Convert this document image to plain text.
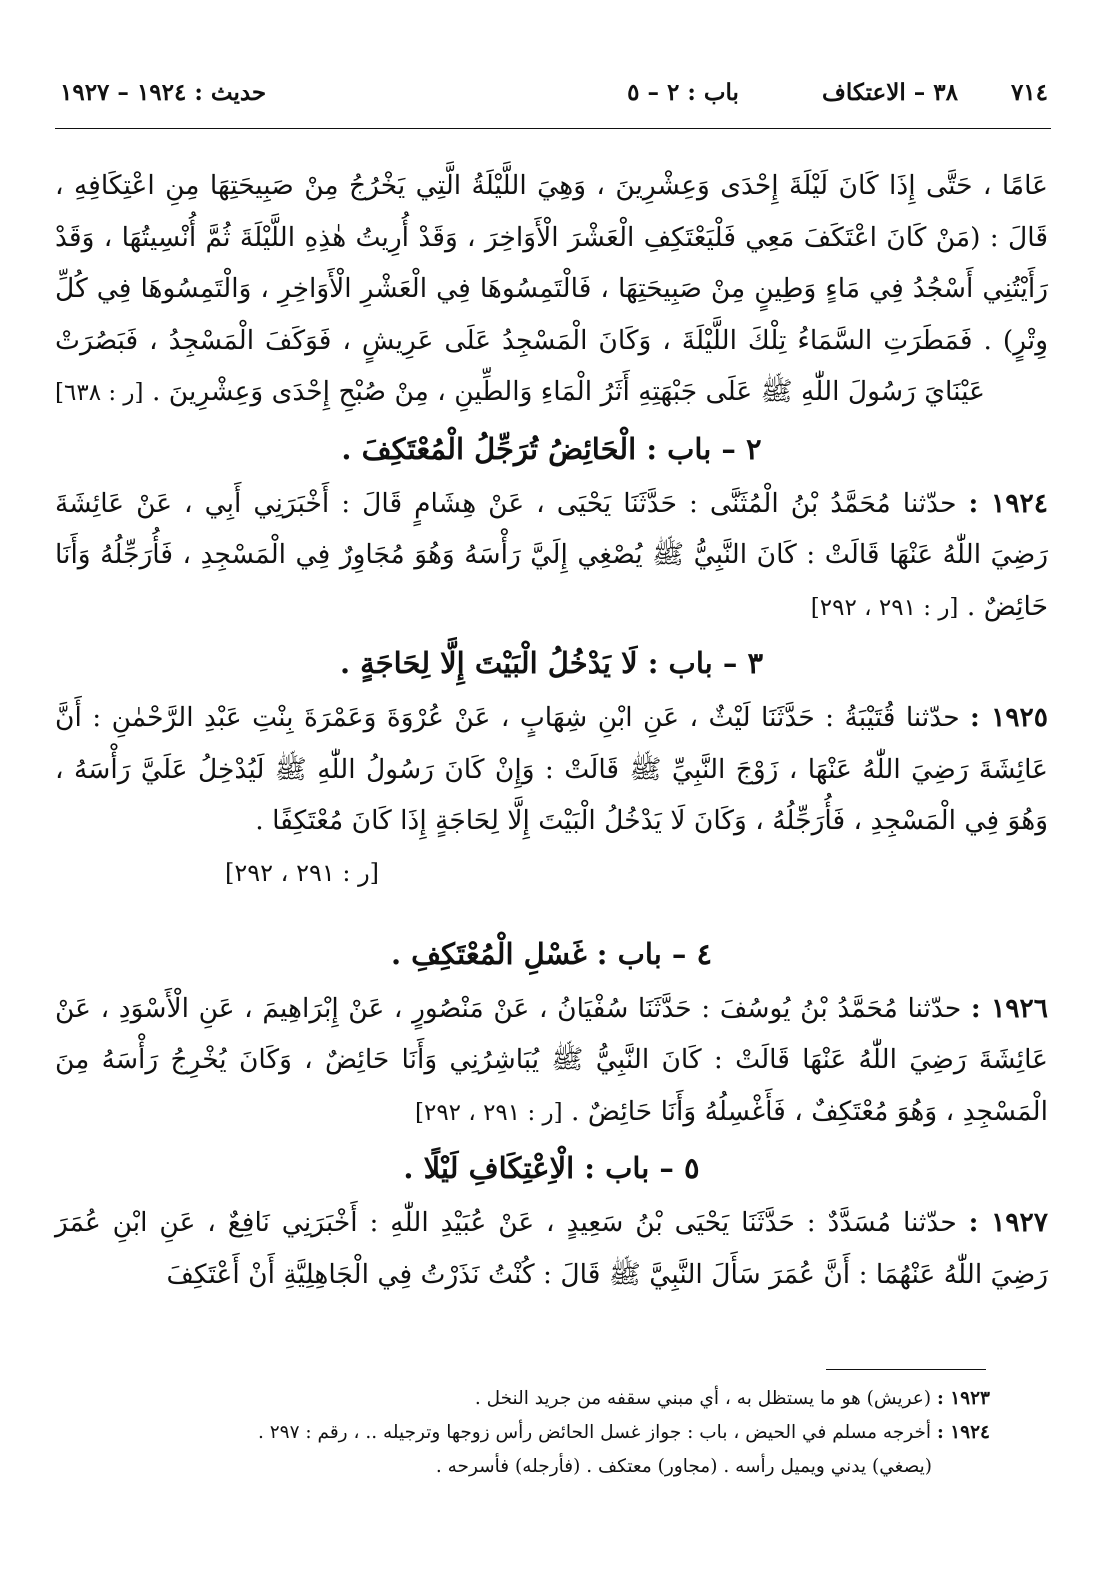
٧١٤
٣٨ – الاعتكاف
باب : ٢ – ٥
حديث : ١٩٢٤ – ١٩٢٧

عَامًا ، حَتَّى إِذَا كَانَ لَيْلَةَ إِحْدَى وَعِشْرِينَ ، وَهِيَ اللَّيْلَةُ الَّتِي يَخْرُجُ مِنْ صَبِيحَتِهَا مِنِ اعْتِكَافِهِ ، قَالَ : (مَنْ كَانَ اعْتَكَفَ مَعِي فَلْيَعْتَكِفِ الْعَشْرَ الْأَوَاخِرَ ، وَقَدْ أُرِيتُ هٰذِهِ اللَّيْلَةَ ثُمَّ أُنْسِيتُهَا ، وَقَدْ رَأَيْتُنِي أَسْجُدُ فِي مَاءٍ وَطِينٍ مِنْ صَبِيحَتِهَا ، فَالْتَمِسُوهَا فِي الْعَشْرِ الْأَوَاخِرِ ، وَالْتَمِسُوهَا فِي كُلِّ وِتْرٍ) . فَمَطَرَتِ السَّمَاءُ تِلْكَ اللَّيْلَةَ ، وَكَانَ الْمَسْجِدُ عَلَى عَرِيشٍ ، فَوَكَفَ الْمَسْجِدُ ، فَبَصُرَتْ عَيْنَايَ رَسُولَ اللّٰهِ ﷺ عَلَى جَبْهَتِهِ أَثَرُ الْمَاءِ وَالطِّينِ ، مِنْ صُبْحِ إِحْدَى وَعِشْرِينَ . [ر : ٦٣٨]

٢ – باب : الْحَائِضُ تُرَجِّلُ الْمُعْتَكِفَ .

١٩٢٤ : حدّثنا مُحَمَّدُ بْنُ الْمُثَنَّى : حَدَّثَنَا يَحْيَى ، عَنْ هِشَامٍ قَالَ : أَخْبَرَنِي أَبِي ، عَنْ عَائِشَةَ رَضِيَ اللّٰهُ عَنْهَا قَالَتْ : كَانَ النَّبِيُّ ﷺ يُصْغِي إِلَيَّ رَأْسَهُ وَهُوَ مُجَاوِرٌ فِي الْمَسْجِدِ ، فَأُرَجِّلُهُ وَأَنَا حَائِضٌ . [ر : ٢٩١ ، ٢٩٢]

٣ – باب : لَا يَدْخُلُ الْبَيْتَ إِلَّا لِحَاجَةٍ .

١٩٢٥ : حدّثنا قُتَيْبَةُ : حَدَّثَنَا لَيْثٌ ، عَنِ ابْنِ شِهَابٍ ، عَنْ عُرْوَةَ وَعَمْرَةَ بِنْتِ عَبْدِ الرَّحْمٰنِ : أَنَّ عَائِشَةَ رَضِيَ اللّٰهُ عَنْهَا ، زَوْجَ النَّبِيِّ ﷺ قَالَتْ : وَإِنْ كَانَ رَسُولُ اللّٰهِ ﷺ لَيُدْخِلُ عَلَيَّ رَأْسَهُ ، وَهُوَ فِي الْمَسْجِدِ ، فَأُرَجِّلُهُ ، وَكَانَ لَا يَدْخُلُ الْبَيْتَ إِلَّا لِحَاجَةٍ إِذَا كَانَ مُعْتَكِفًا .

[ر : ٢٩١ ، ٢٩٢]

٤ – باب : غَسْلِ الْمُعْتَكِفِ .

١٩٢٦ : حدّثنا مُحَمَّدُ بْنُ يُوسُفَ : حَدَّثَنَا سُفْيَانُ ، عَنْ مَنْصُورٍ ، عَنْ إِبْرَاهِيمَ ، عَنِ الْأَسْوَدِ ، عَنْ عَائِشَةَ رَضِيَ اللّٰهُ عَنْهَا قَالَتْ : كَانَ النَّبِيُّ ﷺ يُبَاشِرُنِي وَأَنَا حَائِضٌ ، وَكَانَ يُخْرِجُ رَأْسَهُ مِنَ الْمَسْجِدِ ، وَهُوَ مُعْتَكِفٌ ، فَأَغْسِلُهُ وَأَنَا حَائِضٌ . [ر : ٢٩١ ، ٢٩٢]

٥ – باب : الْاِعْتِكَافِ لَيْلًا .

١٩٢٧ : حدّثنا مُسَدَّدٌ : حَدَّثَنَا يَحْيَى بْنُ سَعِيدٍ ، عَنْ عُبَيْدِ اللّٰهِ : أَخْبَرَنِي نَافِعٌ ، عَنِ ابْنِ عُمَرَ رَضِيَ اللّٰهُ عَنْهُمَا : أَنَّ عُمَرَ سَأَلَ النَّبِيَّ ﷺ قَالَ : كُنْتُ نَذَرْتُ فِي الْجَاهِلِيَّةِ أَنْ أَعْتَكِفَ

١٩٢٣ : (عريش) هو ما يستظل به ، أي مبني سقفه من جريد النخل .

١٩٢٤ : أخرجه مسلم في الحيض ، باب : جواز غسل الحائض رأس زوجها وترجيله .. ، رقم : ٢٩٧ .

(يصغي) يدني ويميل رأسه . (مجاور) معتكف . (فأرجله) فأسرحه .
